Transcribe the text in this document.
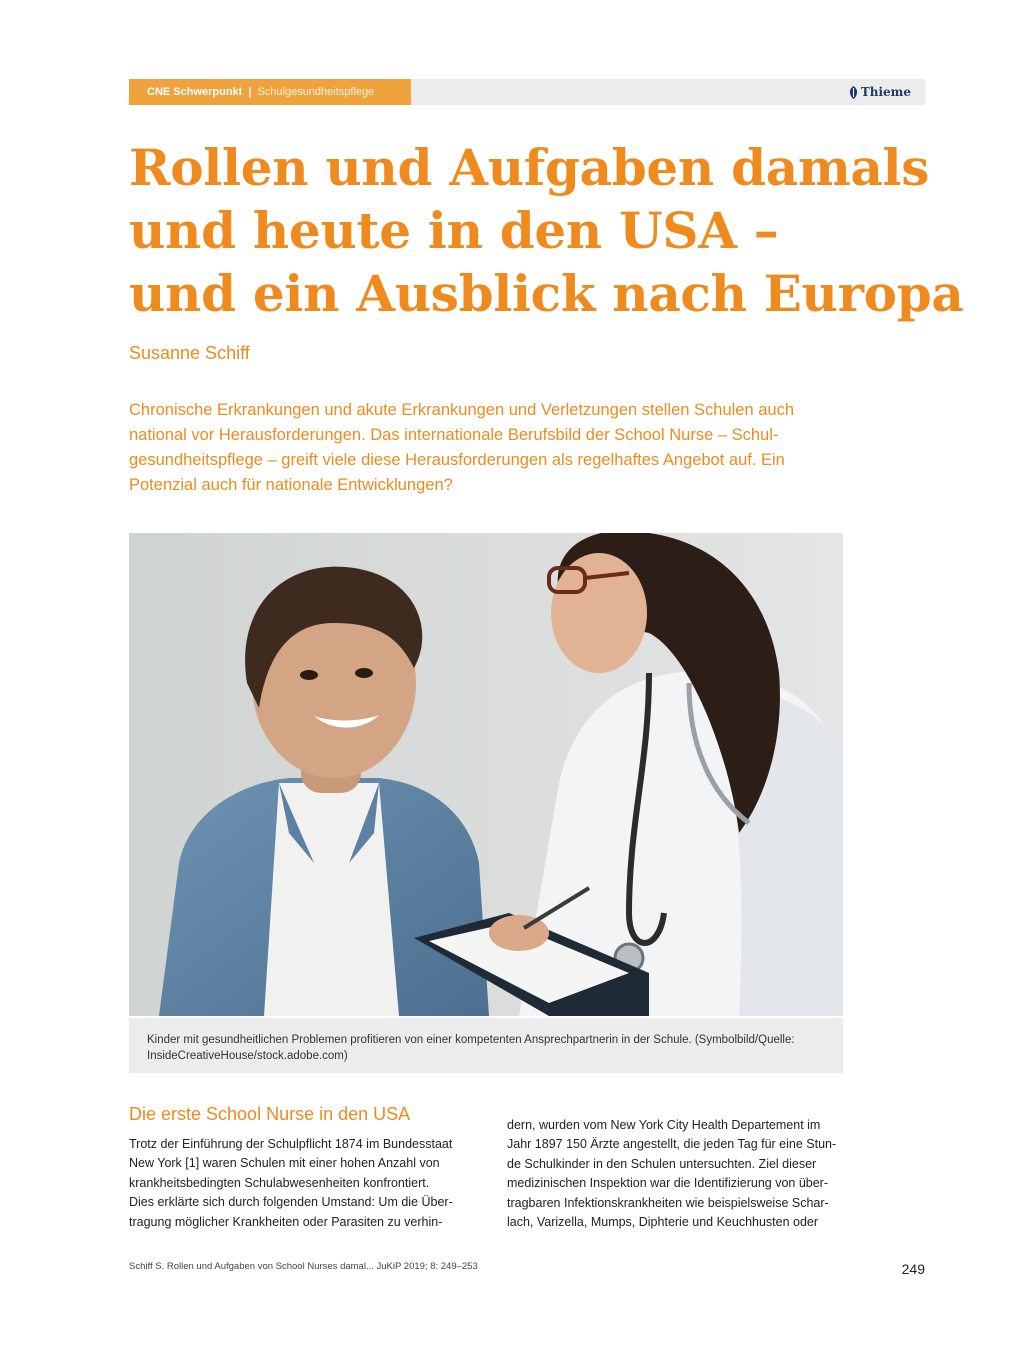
CNE Schwerpunkt | Schulgesundheitspflege	Thieme
Rollen und Aufgaben damals
und heute in den USA –
und ein Ausblick nach Europa
Susanne Schiff
Chronische Erkrankungen und akute Erkrankungen und Verletzungen stellen Schulen auch
national vor Herausforderungen. Das internationale Berufsbild der School Nurse – Schul-
gesundheitspflege – greift viele diese Herausforderungen als regelhaftes Angebot auf. Ein
Potenzial auch für nationale Entwicklungen?
Kinder mit gesundheitlichen Problemen profitieren von einer kompetenten Ansprechpartnerin in der Schule. (Symbolbild/Quelle:
InsideCreativeHouse/stock.adobe.com)
Die erste School Nurse in den USA
Trotz der Einführung der Schulpflicht 1874 im Bundesstaat
New York [1] waren Schulen mit einer hohen Anzahl von
krankheitsbedingten Schulabwesenheiten konfrontiert.
Dies erklärte sich durch folgenden Umstand: Um die Über-
tragung möglicher Krankheiten oder Parasiten zu verhin-
dern, wurden vom New York City Health Departement im
Jahr 1897 150 Ärzte angestellt, die jeden Tag für eine Stun-
de Schulkinder in den Schulen untersuchten. Ziel dieser
medizinischen Inspektion war die Identifizierung von über-
tragbaren Infektionskrankheiten wie beispielsweise Schar-
lach, Varizella, Mumps, Diphterie und Keuchhusten oder
Schiff S. Rollen und Aufgaben von School Nurses damal... JuKiP 2019; 8: 249–253	249
